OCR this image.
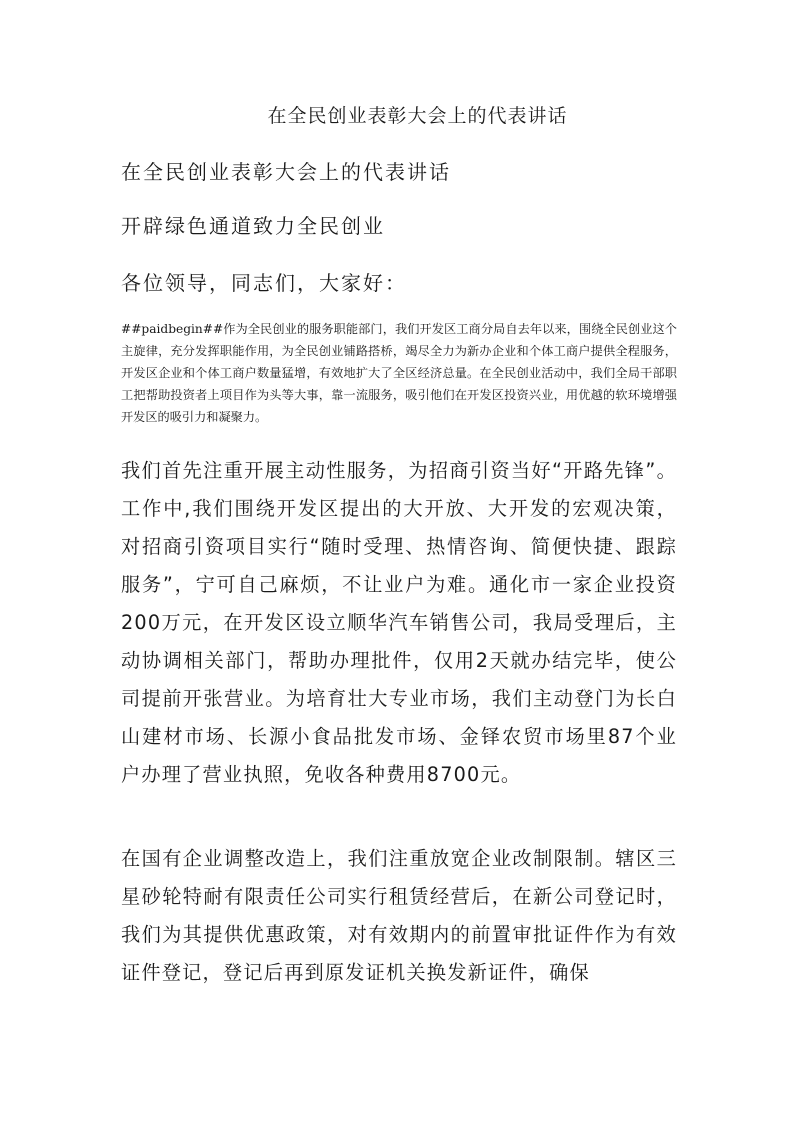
在全民创业表彰大会上的代表讲话
在全民创业表彰大会上的代表讲话
开辟绿色通道致力全民创业
各位领导，同志们，大家好：
##paidbegin##作为全民创业的服务职能部门，我们开发区工商分局自去年以来，围绕全民创业这个主旋律，充分发挥职能作用，为全民创业铺路搭桥，竭尽全力为新办企业和个体工商户提供全程服务，开发区企业和个体工商户数量猛增，有效地扩大了全区经济总量。在全民创业活动中，我们全局干部职工把帮助投资者上项目作为头等大事，靠一流服务，吸引他们在开发区投资兴业，用优越的软环境增强开发区的吸引力和凝聚力。
我们首先注重开展主动性服务，为招商引资当好“开路先锋”。工作中,我们围绕开发区提出的大开放、大开发的宏观决策，对招商引资项目实行“随时受理、热情咨询、简便快捷、跟踪服务”，宁可自己麻烦，不让业户为难。通化市一家企业投资200万元，在开发区设立顺华汽车销售公司，我局受理后，主动协调相关部门，帮助办理批件，仅用2天就办结完毕，使公司提前开张营业。为培育壮大专业市场，我们主动登门为长白山建材市场、长源小食品批发市场、金铎农贸市场里87个业户办理了营业执照，免收各种费用8700元。
在国有企业调整改造上，我们注重放宽企业改制限制。辖区三星砂轮特耐有限责任公司实行租赁经营后，在新公司登记时，我们为其提供优惠政策，对有效期内的前置审批证件作为有效证件登记，登记后再到原发证机关换发新证件，确保
